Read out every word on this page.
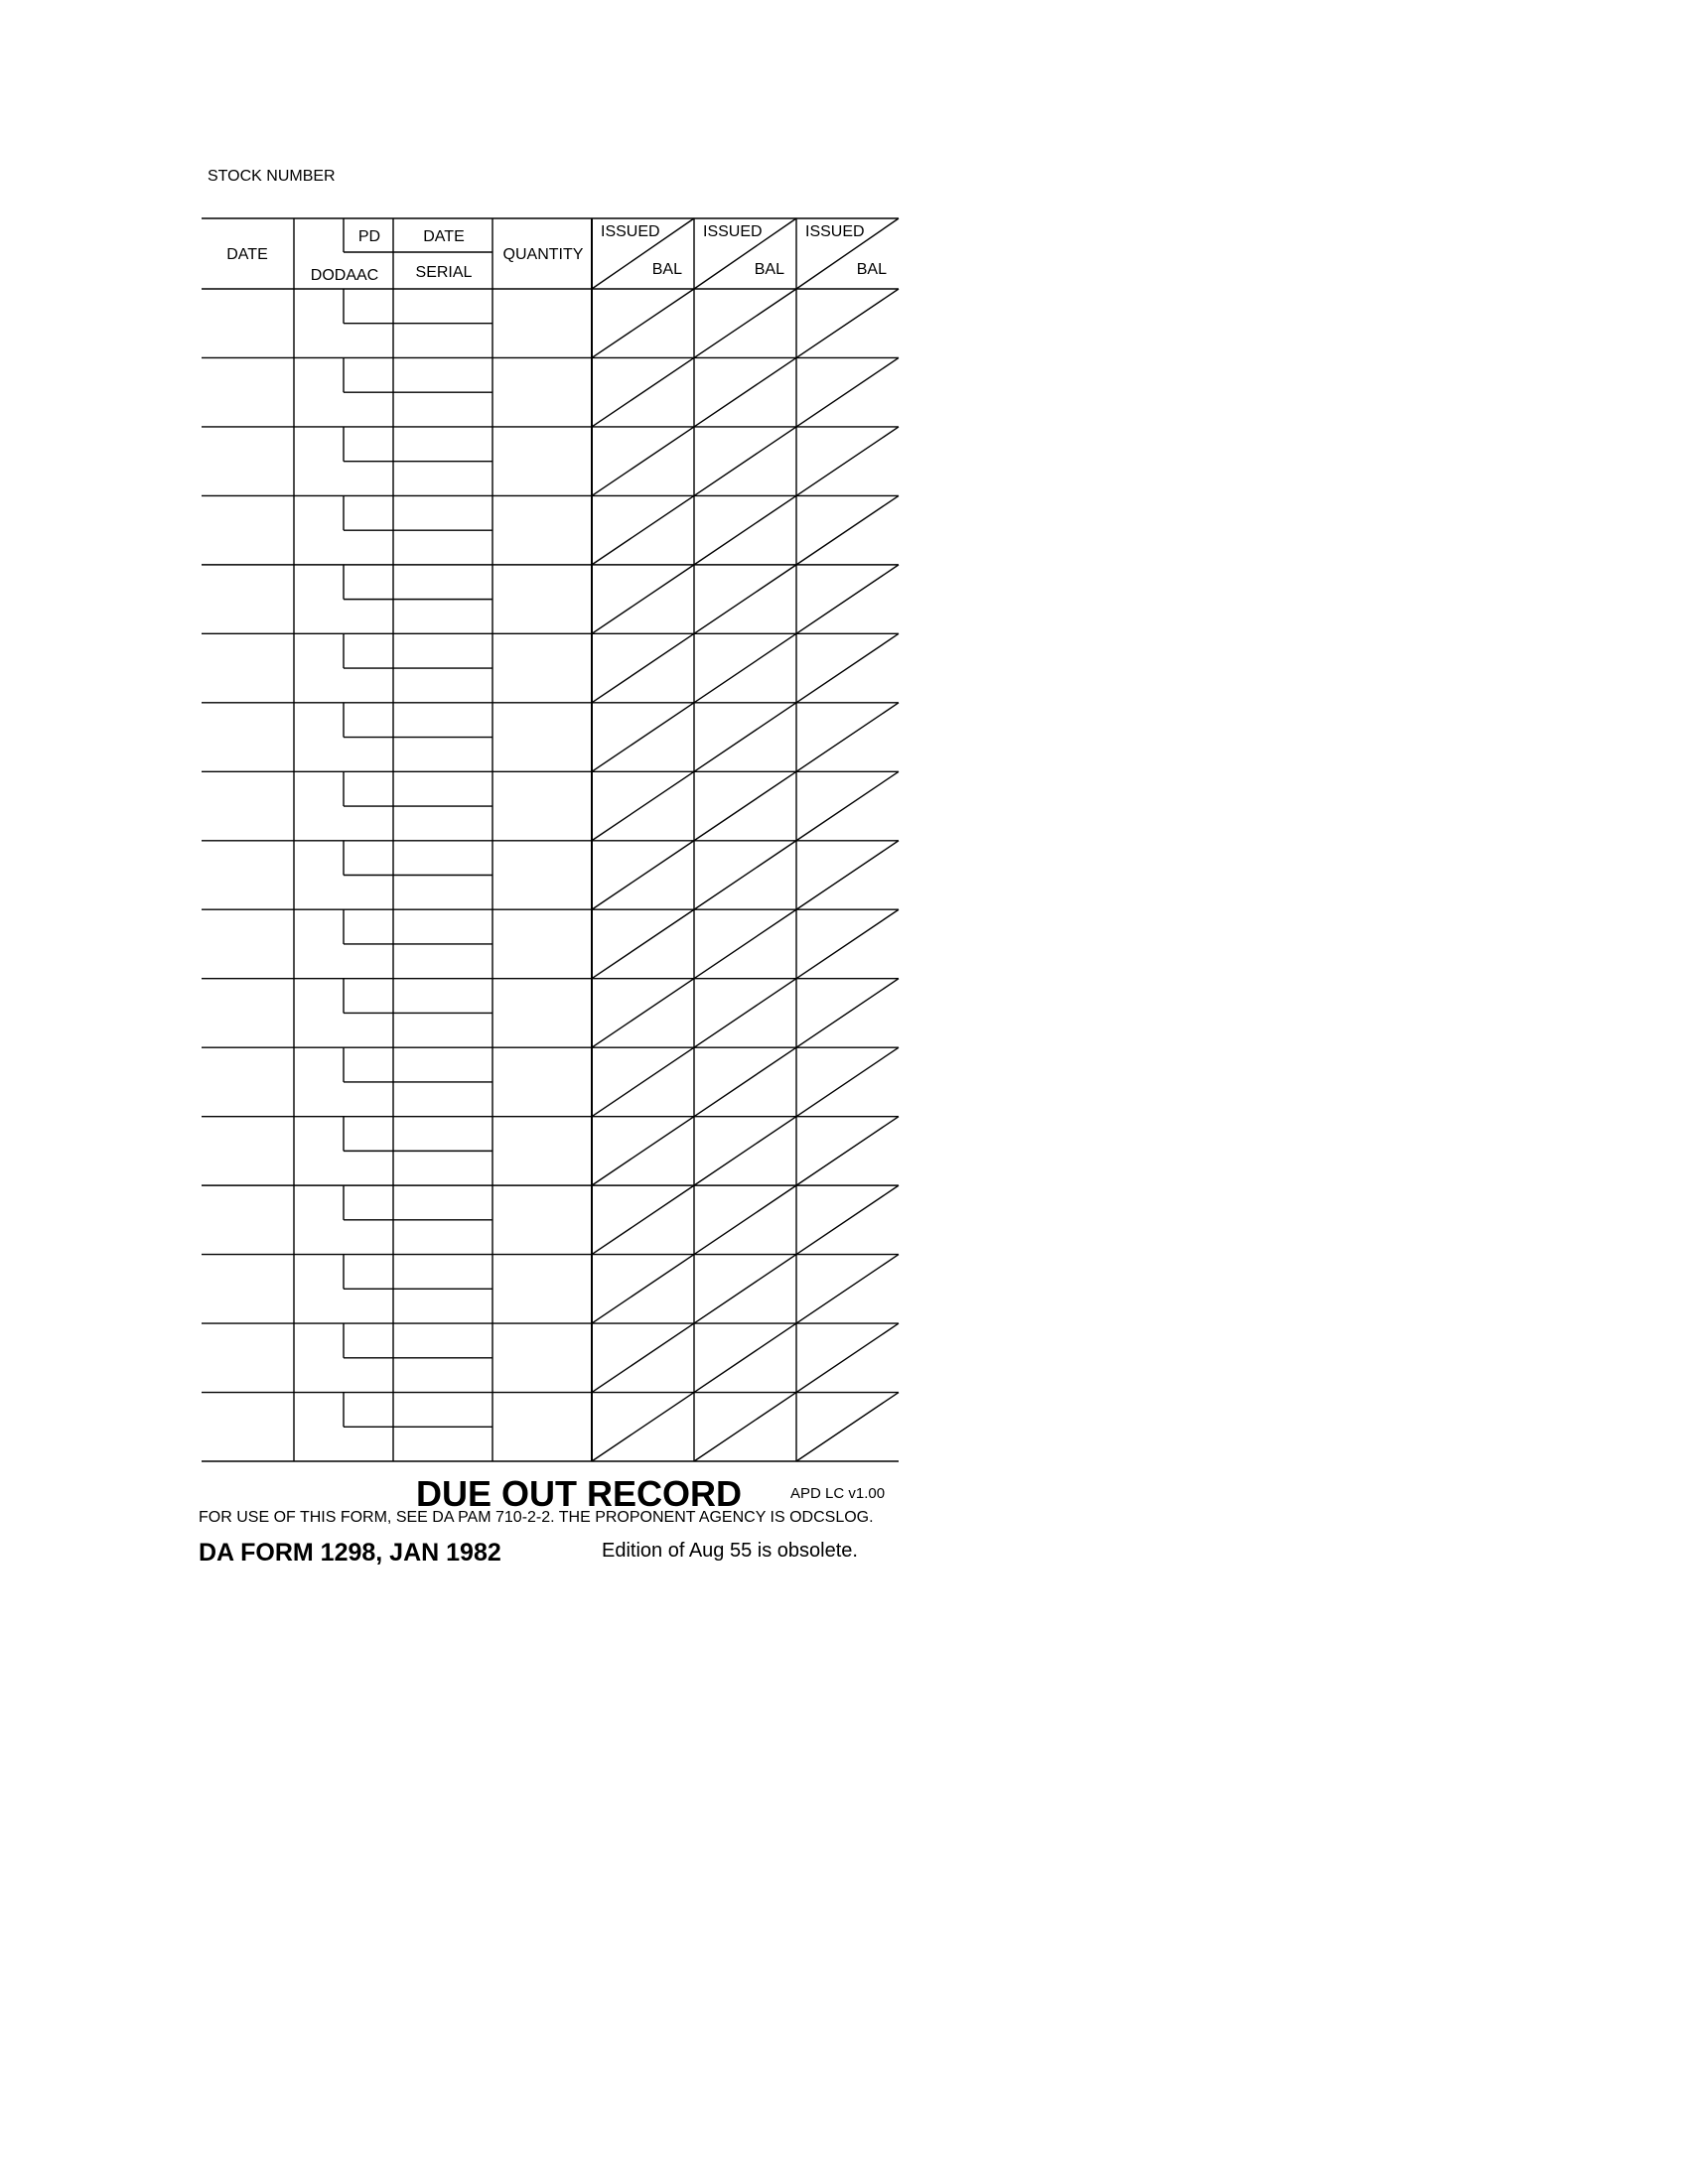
STOCK NUMBER
DATE
PD
DODAAC
DATE
SERIAL
QUANTITY
ISSUED
BAL
ISSUED
BAL
ISSUED
BAL
DUE OUT RECORD	APD LC v1.00
FOR USE OF THIS FORM, SEE DA PAM 710-2-2. THE PROPONENT AGENCY IS ODCSLOG.
DA FORM 1298, JAN 1982	Edition of Aug 55 is obsolete.
